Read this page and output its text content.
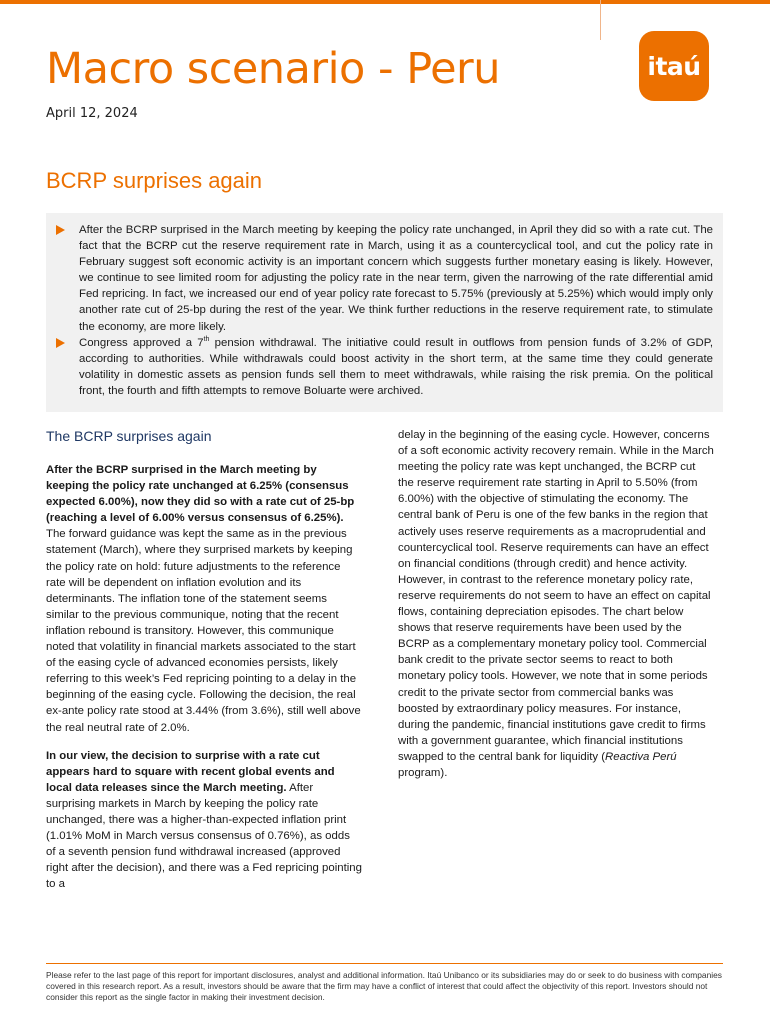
Macro scenario - Peru
April 12, 2024
itaú
BCRP surprises again
After the BCRP surprised in the March meeting by keeping the policy rate unchanged, in April they did so with a rate cut. The fact that the BCRP cut the reserve requirement rate in March, using it as a countercyclical tool, and cut the policy rate in February suggest soft economic activity is an important concern which suggests further monetary easing is likely. However, we continue to see limited room for adjusting the policy rate in the near term, given the narrowing of the rate differential amid Fed repricing. In fact, we increased our end of year policy rate forecast to 5.75% (previously at 5.25%) which would imply only another rate cut of 25-bp during the rest of the year. We think further reductions in the reserve requirement rate, to stimulate the economy, are more likely.
Congress approved a 7th pension withdrawal. The initiative could result in outflows from pension funds of 3.2% of GDP, according to authorities. While withdrawals could boost activity in the short term, at the same time they could generate volatility in domestic assets as pension funds sell them to meet withdrawals, while raising the risk premia. On the political front, the fourth and fifth attempts to remove Boluarte were archived.
The BCRP surprises again

After the BCRP surprised in the March meeting by keeping the policy rate unchanged at 6.25% (consensus expected 6.00%), now they did so with a rate cut of 25-bp (reaching a level of 6.00% versus consensus of 6.25%). The forward guidance was kept the same as in the previous statement (March), where they surprised markets by keeping the policy rate on hold: future adjustments to the reference rate will be dependent on inflation evolution and its determinants. The inflation tone of the statement seems similar to the previous communique, noting that the recent inflation rebound is transitory. However, this communique noted that volatility in financial markets associated to the start of the easing cycle of advanced economies persists, likely referring to this week’s Fed repricing pointing to a delay in the beginning of the easing cycle. Following the decision, the real ex-ante policy rate stood at 3.44% (from 3.6%), still well above the real neutral rate of 2.0%.

In our view, the decision to surprise with a rate cut appears hard to square with recent global events and local data releases since the March meeting. After surprising markets in March by keeping the policy rate unchanged, there was a higher-than-expected inflation print (1.01% MoM in March versus consensus of 0.76%), as odds of a seventh pension fund withdrawal increased (approved right after the decision), and there was a Fed repricing pointing to a

delay in the beginning of the easing cycle. However, concerns of a soft economic activity recovery remain. While in the March meeting the policy rate was kept unchanged, the BCRP cut the reserve requirement rate starting in April to 5.50% (from 6.00%) with the objective of stimulating the economy. The central bank of Peru is one of the few banks in the region that actively uses reserve requirements as a macroprudential and countercyclical tool. Reserve requirements can have an effect on financial conditions (through credit) and hence activity. However, in contrast to the reference monetary policy rate, reserve requirements do not seem to have an effect on capital flows, containing depreciation episodes. The chart below shows that reserve requirements have been used by the BCRP as a complementary monetary policy tool. Commercial bank credit to the private sector seems to react to both monetary policy tools. However, we note that in some periods credit to the private sector from commercial banks was boosted by extraordinary policy measures. For instance, during the pandemic, financial institutions gave credit to firms with a government guarantee, which financial institutions swapped to the central bank for liquidity (Reactiva Perú program).

Please refer to the last page of this report for important disclosures, analyst and additional information. Itaú Unibanco or its subsidiaries may do or seek to do business with companies covered in this research report. As a result, investors should be aware that the firm may have a conflict of interest that could affect the objectivity of this report. Investors should not consider this report as the single factor in making their investment decision.
